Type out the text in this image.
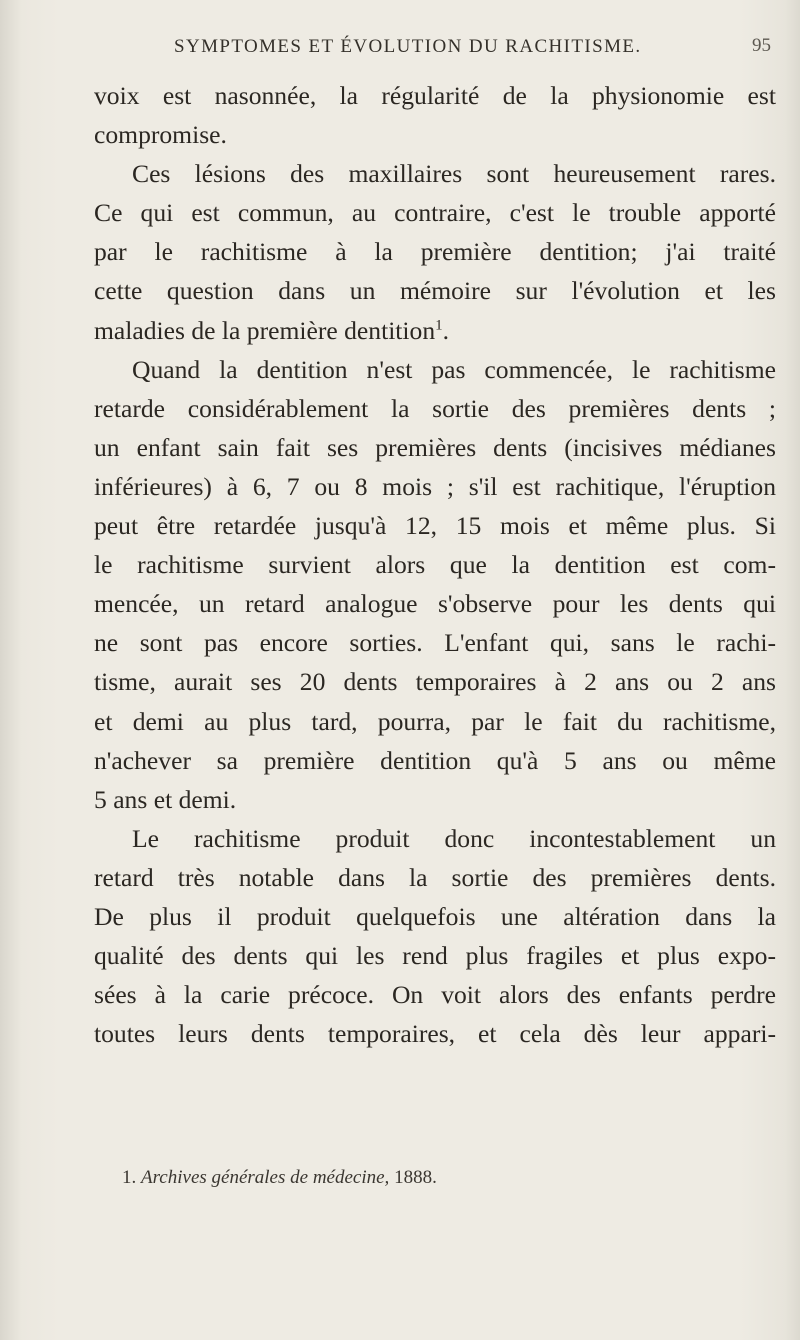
SYMPTOMES ET ÉVOLUTION DU RACHITISME.	95
voix est nasonnée, la régularité de la physionomie est
compromise.
Ces lésions des maxillaires sont heureusement rares.
Ce qui est commun, au contraire, c'est le trouble apporté
par le rachitisme à la première dentition; j'ai traité
cette question dans un mémoire sur l'évolution et les
maladies de la première dentition$^1$.
Quand la dentition n'est pas commencée, le rachitisme
retarde considérablement la sortie des premières dents ;
un enfant sain fait ses premières dents (incisives médianes
inférieures) à 6, 7 ou 8 mois ; s'il est rachitique, l'éruption
peut être retardée jusqu'à 12, 15 mois et même plus. Si
le rachitisme survient alors que la dentition est com-
mencée, un retard analogue s'observe pour les dents qui
ne sont pas encore sorties. L'enfant qui, sans le rachi-
tisme, aurait ses 20 dents temporaires à 2 ans ou 2 ans
et demi au plus tard, pourra, par le fait du rachitisme,
n'achever sa première dentition qu'à 5 ans ou même
5 ans et demi.
Le rachitisme produit donc incontestablement un
retard très notable dans la sortie des premières dents.
De plus il produit quelquefois une altération dans la
qualité des dents qui les rend plus fragiles et plus expo-
sées à la carie précoce. On voit alors des enfants perdre
toutes leurs dents temporaires, et cela dès leur appari-
1. Archives générales de médecine, 1888.
